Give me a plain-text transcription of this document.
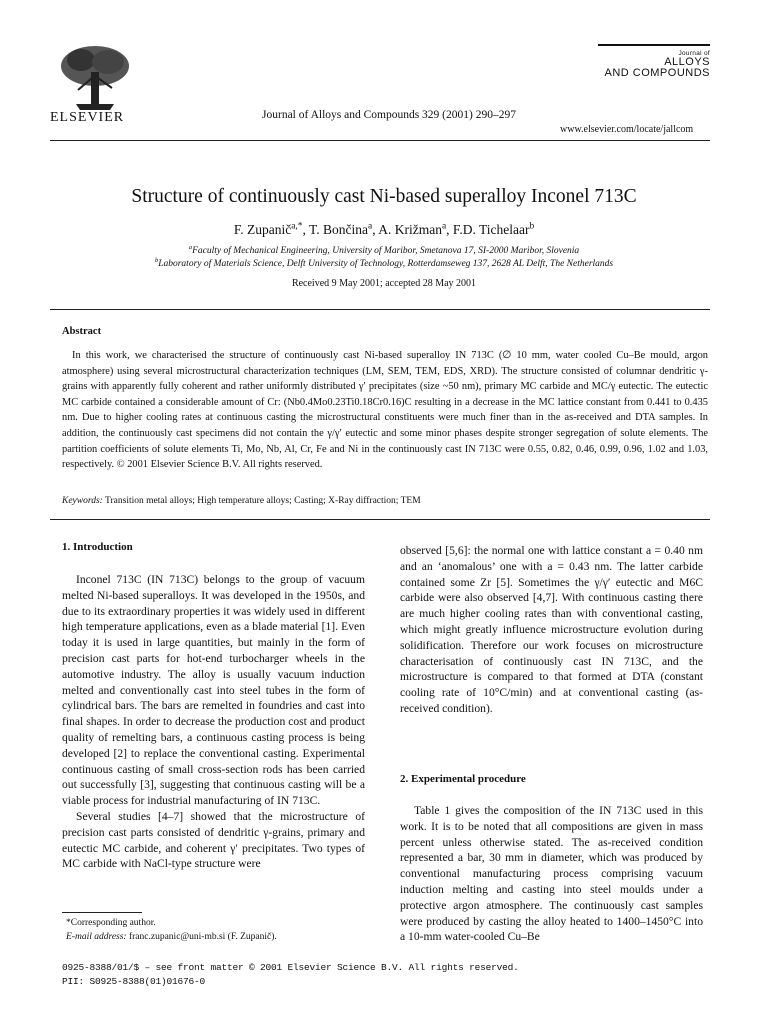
ELSEVIER	Journal of Alloys and Compounds 329 (2001) 290–297
Journal of
ALLOYS
AND COMPOUNDS
www.elsevier.com/locate/jallcom
Structure of continuously cast Ni-based superalloy Inconel 713C
F. Zupanič$^{a,*}$, T. Bončina$^a$, A. Križman$^a$, F.D. Tichelaar$^b$
$^a$Faculty of Mechanical Engineering, University of Maribor, Smetanova 17, SI-2000 Maribor, Slovenia
$^b$Laboratory of Materials Science, Delft University of Technology, Rotterdamseweg 137, 2628 AL Delft, The Netherlands
Received 9 May 2001; accepted 28 May 2001
Abstract
In this work, we characterised the structure of continuously cast Ni-based superalloy IN 713C (∅ 10 mm, water cooled Cu–Be mould, argon atmosphere) using several microstructural characterization techniques (LM, SEM, TEM, EDS, XRD). The structure consisted of columnar dendritic γ-grains with apparently fully coherent and rather uniformly distributed γ′ precipitates (size ~50 nm), primary MC carbide and MC/γ eutectic. The eutectic MC carbide contained a considerable amount of Cr: (Nb0.4Mo0.23Ti0.18Cr0.16)C resulting in a decrease in the MC lattice constant from 0.441 to 0.435 nm. Due to higher cooling rates at continuous casting the microstructural constituents were much finer than in the as-received and DTA samples. In addition, the continuously cast specimens did not contain the γ/γ′ eutectic and some minor phases despite stronger segregation of solute elements. The partition coefficients of solute elements Ti, Mo, Nb, Al, Cr, Fe and Ni in the continuously cast IN 713C were 0.55, 0.82, 0.46, 0.99, 0.96, 1.02 and 1.03, respectively. © 2001 Elsevier Science B.V. All rights reserved.
Keywords: Transition metal alloys; High temperature alloys; Casting; X-Ray diffraction; TEM
1. Introduction

Inconel 713C (IN 713C) belongs to the group of vacuum melted Ni-based superalloys. It was developed in the 1950s, and due to its extraordinary properties it was widely used in different high temperature applications, even as a blade material [1]. Even today it is used in large quantities, but mainly in the form of precision cast parts for hot-end turbocharger wheels in the automotive industry. The alloy is usually vacuum induction melted and conventionally cast into steel tubes in the form of cylindrical bars. The bars are remelted in foundries and cast into final shapes. In order to decrease the production cost and product quality of remelting bars, a continuous casting process is being developed [2] to replace the conventional casting. Experimental continuous casting of small cross-section rods has been carried out successfully [3], suggesting that continuous casting will be a viable process for industrial manufacturing of IN 713C.

Several studies [4–7] showed that the microstructure of precision cast parts consisted of dendritic γ-grains, primary and eutectic MC carbide, and coherent γ′ precipitates. Two types of MC carbide with NaCl-type structure were

observed [5,6]: the normal one with lattice constant a = 0.40 nm and an ‘anomalous’ one with a = 0.43 nm. The latter carbide contained some Zr [5]. Sometimes the γ/γ′ eutectic and M6C carbide were also observed [4,7]. With continuous casting there are much higher cooling rates than with conventional casting, which might greatly influence microstructure evolution during solidification. Therefore our work focuses on microstructure characterisation of continuously cast IN 713C, and the microstructure is compared to that formed at DTA (constant cooling rate of 10°C/min) and at conventional casting (as-received condition).

2. Experimental procedure

Table 1 gives the composition of the IN 713C used in this work. It is to be noted that all compositions are given in mass percent unless otherwise stated. The as-received condition represented a bar, 30 mm in diameter, which was produced by conventional manufacturing process comprising vacuum induction melting and casting into steel moulds under a protective argon atmosphere. The continuously cast samples were produced by casting the alloy heated to 1400–1450°C into a 10-mm water-cooled Cu–Be

*Corresponding author.
E-mail address: franc.zupanic@uni-mb.si (F. Zupanič).
0925-8388/01/$ – see front matter © 2001 Elsevier Science B.V. All rights reserved.
PII: S0925-8388(01)01676-0
